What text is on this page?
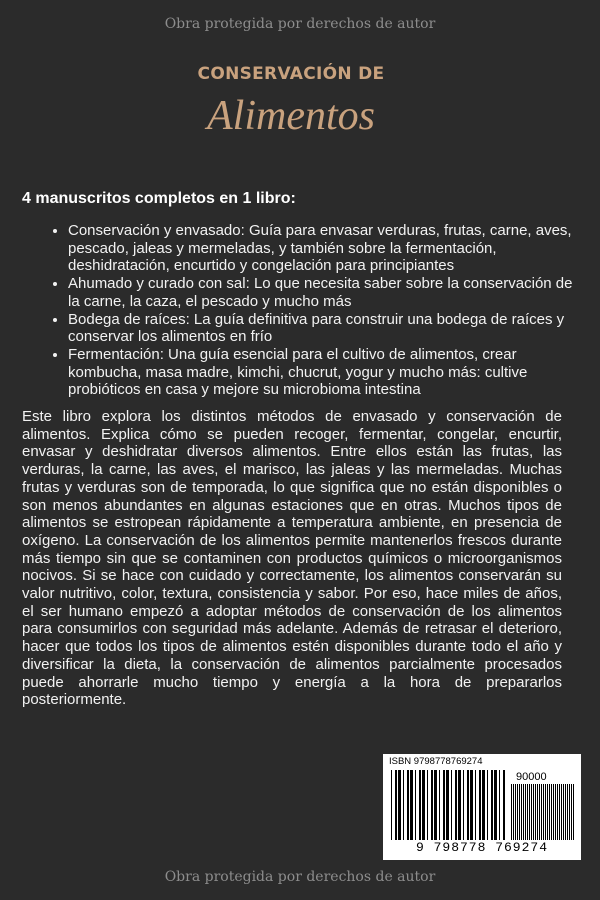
Obra protegida por derechos de autor
CONSERVACIÓN DE
Alimentos
4 manuscritos completos en 1 libro:
• Conservación y envasado: Guía para envasar verduras, frutas, carne, aves, pescado, jaleas y mermeladas, y también sobre la fermentación, deshidratación, encurtido y congelación para principiantes
• Ahumado y curado con sal: Lo que necesita saber sobre la conservación de la carne, la caza, el pescado y mucho más
• Bodega de raíces: La guía definitiva para construir una bodega de raíces y conservar los alimentos en frío
• Fermentación: Una guía esencial para el cultivo de alimentos, crear kombucha, masa madre, kimchi, chucrut, yogur y mucho más: cultive probióticos en casa y mejore su microbioma intestina

Este libro explora los distintos métodos de envasado y conservación de alimentos. Explica cómo se pueden recoger, fermentar, congelar, encurtir, envasar y deshidratar diversos alimentos. Entre ellos están las frutas, las verduras, la carne, las aves, el marisco, las jaleas y las mermeladas. Muchas frutas y verduras son de temporada, lo que significa que no están disponibles o son menos abundantes en algunas estaciones que en otras. Muchos tipos de alimentos se estropean rápidamente a temperatura ambiente, en presencia de oxígeno. La conservación de los alimentos permite mantenerlos frescos durante más tiempo sin que se contaminen con productos químicos o microorganismos nocivos. Si se hace con cuidado y correctamente, los alimentos conservarán su valor nutritivo, color, textura, consistencia y sabor. Por eso, hace miles de años, el ser humano empezó a adoptar métodos de conservación de los alimentos para consumirlos con seguridad más adelante. Además de retrasar el deterioro, hacer que todos los tipos de alimentos estén disponibles durante todo el año y diversificar la dieta, la conservación de alimentos parcialmente procesados puede ahorrarle mucho tiempo y energía a la hora de prepararlos posteriormente.

ISBN 9798778769274
90000
9 798778 769274
Obra protegida por derechos de autor
